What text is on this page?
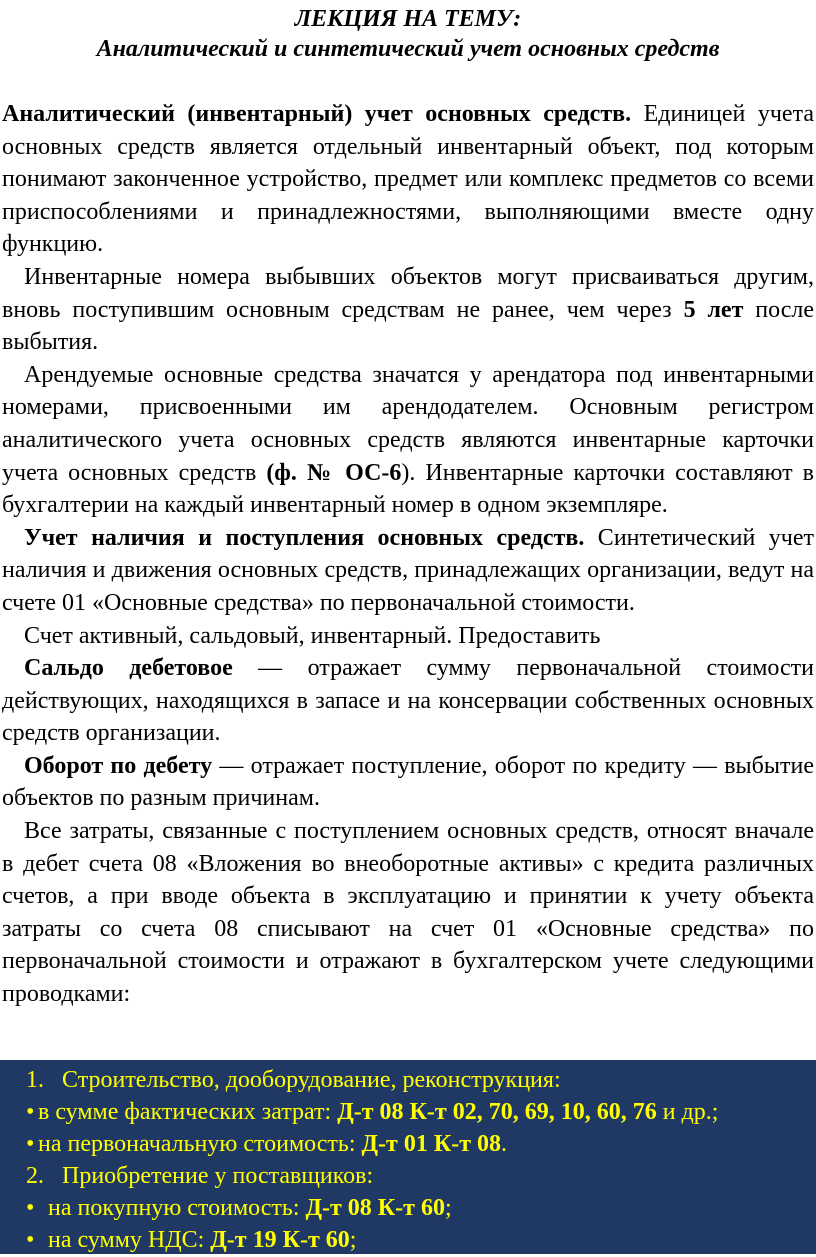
ЛЕКЦИЯ НА ТЕМУ:

Аналитический и синтетический учет основных средств

Аналитический (инвентарный) учет основных средств. Единицей учета основных средств является отдельный инвентарный объект, под которым понимают законченное устройство, предмет или комплекс предметов со всеми приспособлениями и принадлежностями, выполняющими вместе одну функцию.

Инвентарные номера выбывших объектов могут присваиваться другим, вновь поступившим основным средствам не ранее, чем через 5 лет после выбытия.

Арендуемые основные средства значатся у арендатора под инвентарными номерами, присвоенными им арендодателем. Основным регистром аналитического учета основных средств являются инвентарные карточки учета основных средств (ф. № ОС-6). Инвентарные карточки составляют в бухгалтерии на каждый инвентарный номер в одном экземпляре.

Учет наличия и поступления основных средств. Синтетический учет наличия и движения основных средств, принадлежащих организации, ведут на счете 01 «Основные средства» по первоначальной стоимости.

Счет активный, сальдовый, инвентарный. Предоставить

Сальдо дебетовое — отражает сумму первоначальной стоимости действующих, находящихся в запасе и на консервации собственных основных средств организации.

Оборот по дебету — отражает поступление, оборот по кредиту — выбытие объектов по разным причинам.

Все затраты, связанные с поступлением основных средств, относят вначале в дебет счета 08 «Вложения во внеоборотные активы» с кредита различных счетов, а при вводе объекта в эксплуатацию и принятии к учету объекта затраты со счета 08 списывают на счет 01 «Основные средства» по первоначальной стоимости и отражают в бухгалтерском учете следующими проводками:

1. Строительство, дооборудование, реконструкция:
• в сумме фактических затрат: Д-т 08 К-т 02, 70, 69, 10, 60, 76 и др.;
• на первоначальную стоимость: Д-т 01 К-т 08.
2. Приобретение у поставщиков:
• на покупную стоимость: Д-т 08 К-т 60;
• на сумму НДС: Д-т 19 К-т 60;
